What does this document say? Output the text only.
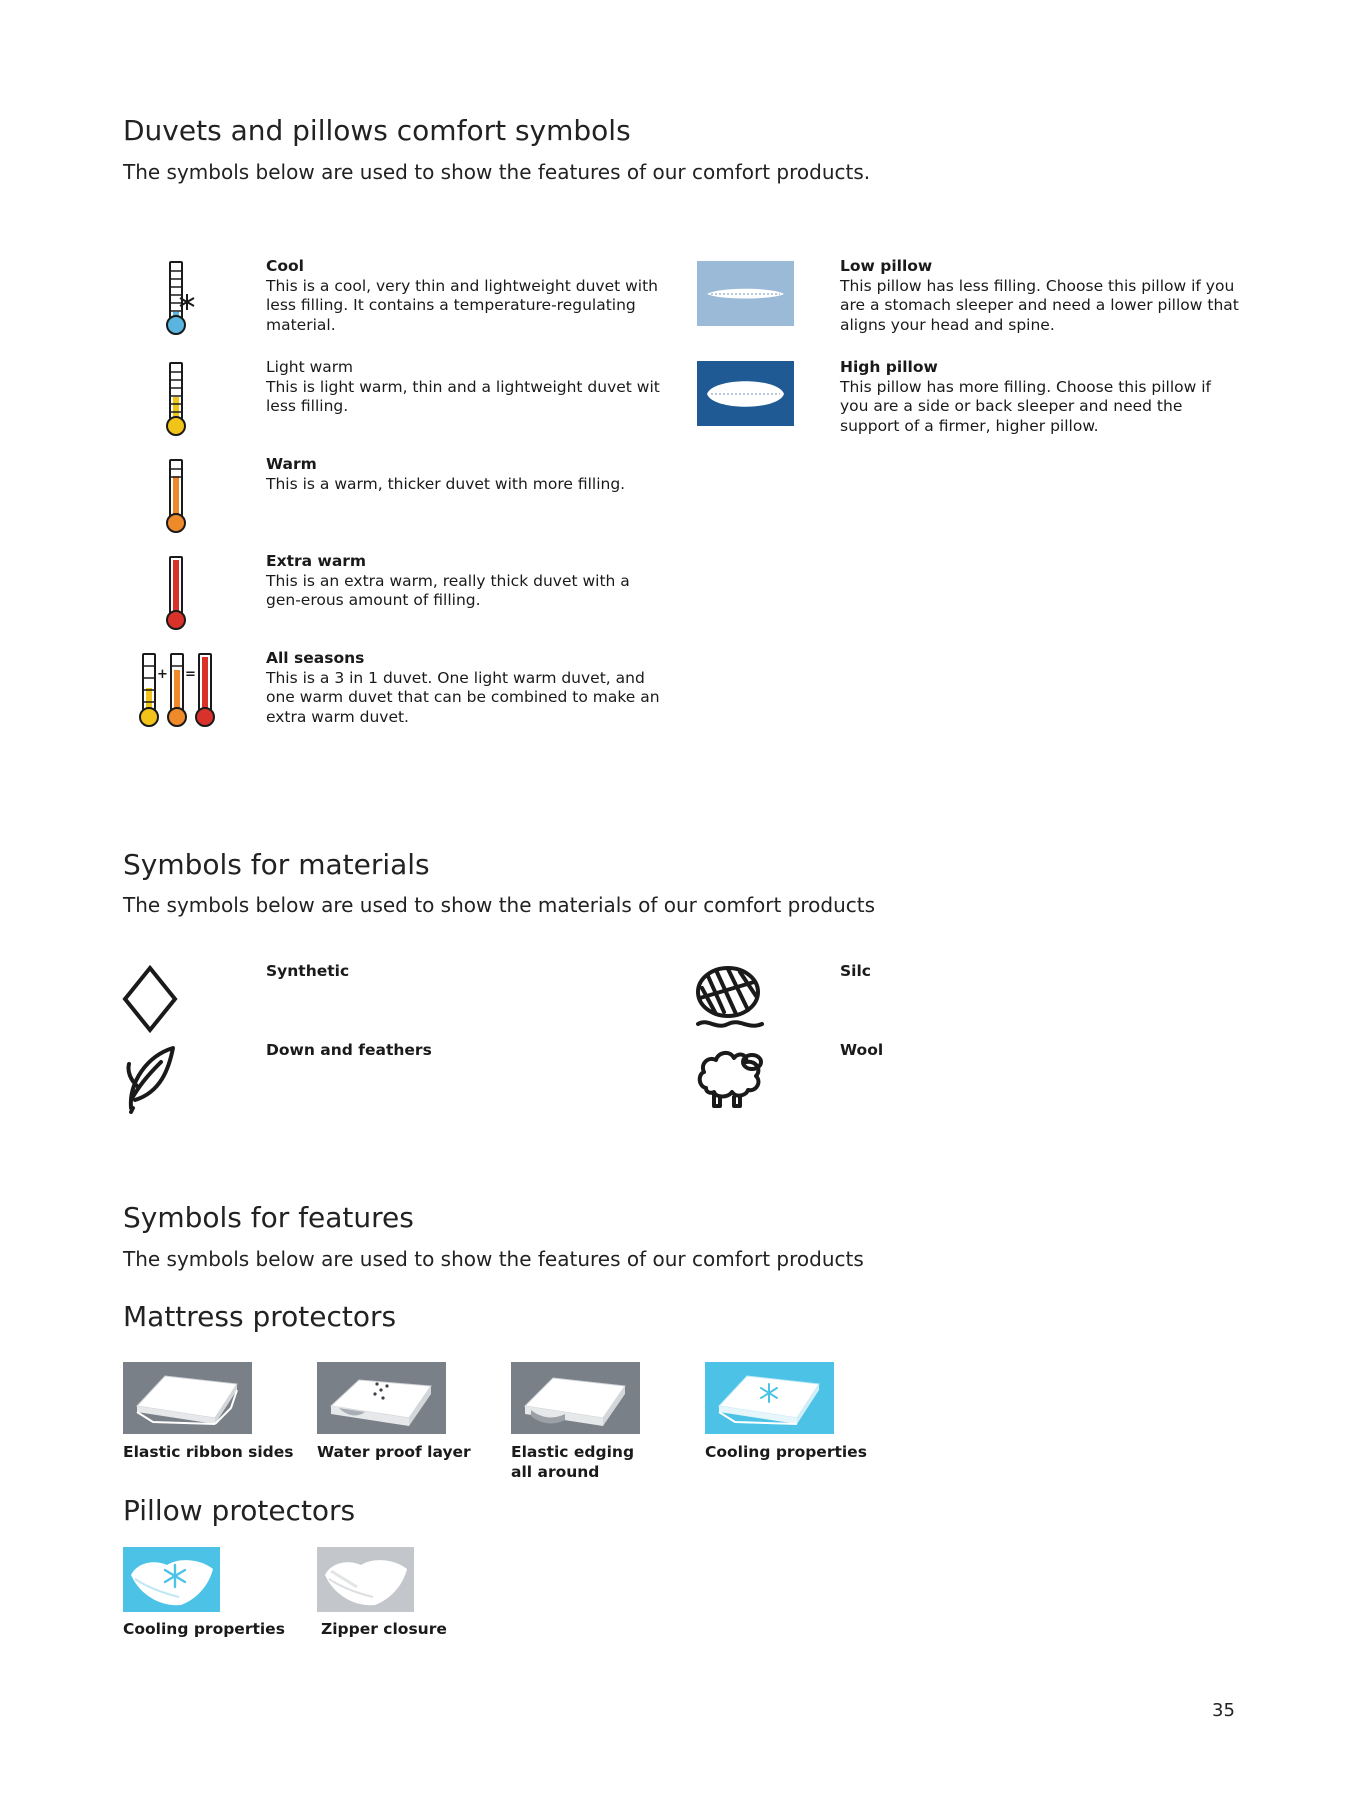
Duvets and pillows comfort symbols
The symbols below are used to show the features of our comfort products.
Cool
This is a cool, very thin and lightweight duvet with less filling. It contains a temperature-regulating material.
Light warm
This is light warm, thin and a lightweight duvet wit less filling.
Warm
This is a warm, thicker duvet with more filling.
Extra warm
This is an extra warm, really thick duvet with a gen-erous amount of filling.
+ =
All seasons
This is a 3 in 1 duvet. One light warm duvet, and one warm duvet that can be combined to make an extra warm duvet.
Low pillow
This pillow has less filling. Choose this pillow if you are a stomach sleeper and need a lower pillow that aligns your head and spine.
High pillow
This pillow has more filling. Choose this pillow if you are a side or back sleeper and need the support of a firmer, higher pillow.
Symbols for materials
The symbols below are used to show the materials of our comfort products
Synthetic
Down and feathers
Silc
Wool
Symbols for features
The symbols below are used to show the features of our comfort products
Mattress protectors
Elastic ribbon sides Water proof layer	Elastic edging
all around
Cooling properties
Pillow protectors
Cooling properties Zipper closure
35
